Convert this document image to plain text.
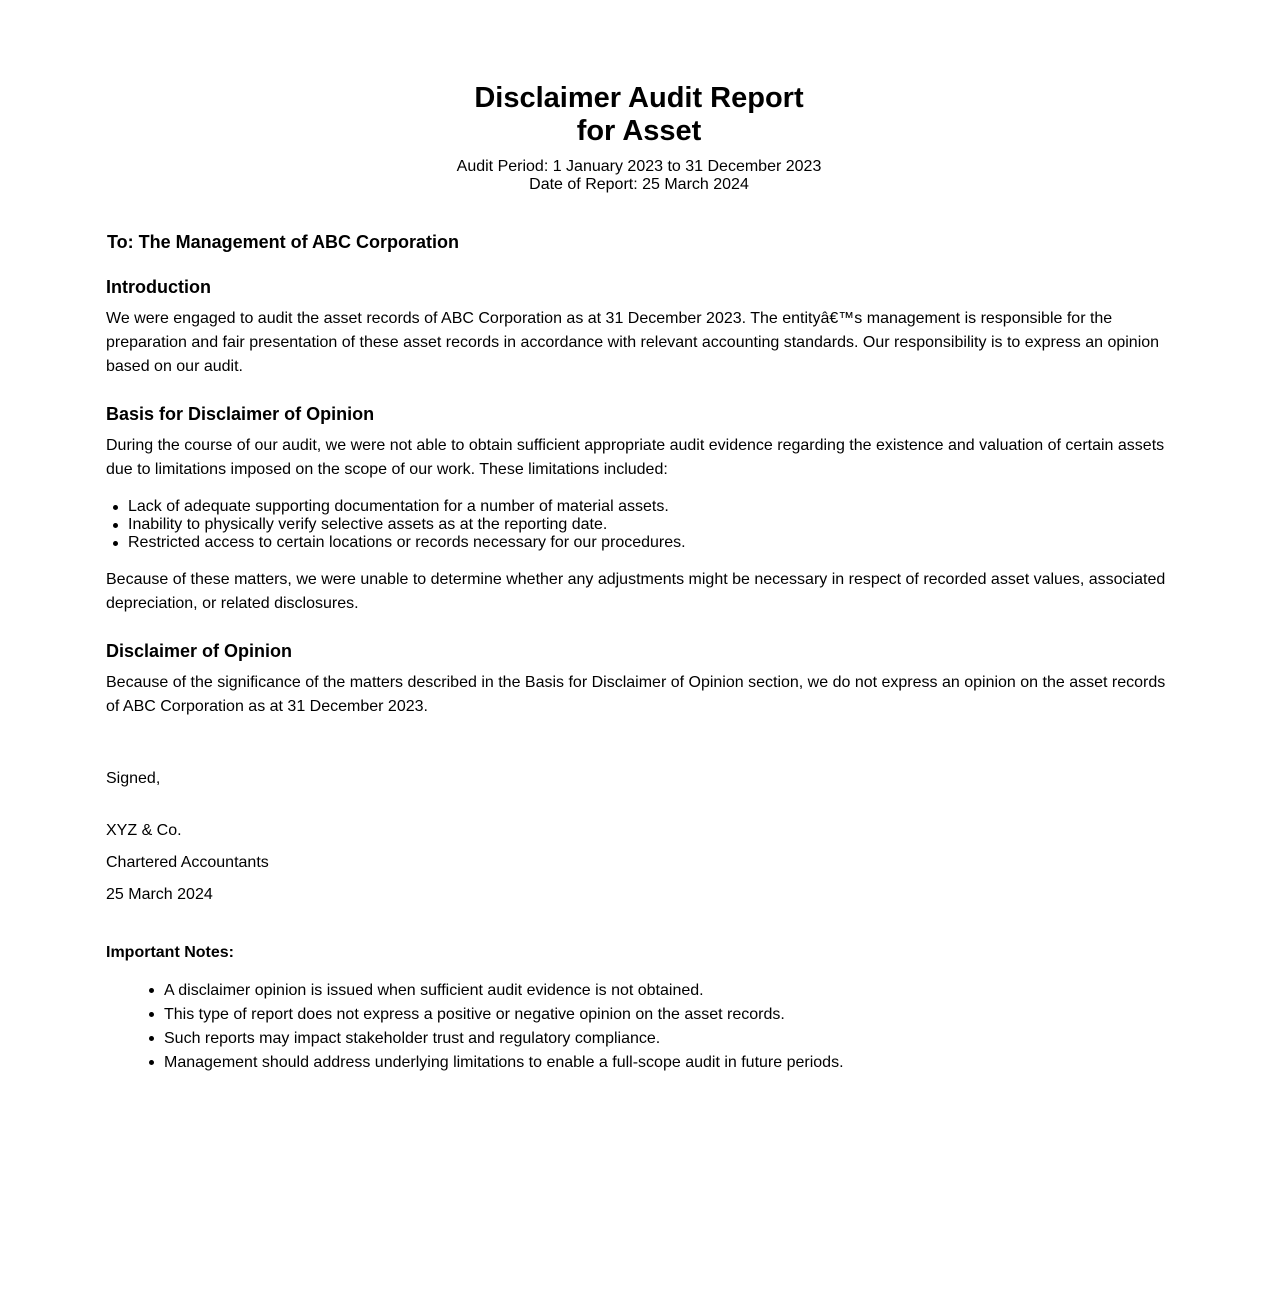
Disclaimer Audit Report
for Asset
Audit Period: 1 January 2023 to 31 December 2023
Date of Report: 25 March 2024
To: The Management of ABC Corporation
Introduction

We were engaged to audit the asset records of ABC Corporation as at 31 December 2023. The entityâ€™s management is responsible for the preparation and fair presentation of these asset records in accordance with relevant accounting standards. Our responsibility is to express an opinion based on our audit.

Basis for Disclaimer of Opinion

During the course of our audit, we were not able to obtain sufficient appropriate audit evidence regarding the existence and valuation of certain assets due to limitations imposed on the scope of our work. These limitations included:

Lack of adequate supporting documentation for a number of material assets.
Inability to physically verify selective assets as at the reporting date.
Restricted access to certain locations or records necessary for our procedures.

Because of these matters, we were unable to determine whether any adjustments might be necessary in respect of recorded asset values, associated depreciation, or related disclosures.

Disclaimer of Opinion

Because of the significance of the matters described in the Basis for Disclaimer of Opinion section, we do not express an opinion on the asset records of ABC Corporation as at 31 December 2023.

Signed,
XYZ & Co.
Chartered Accountants
25 March 2024
Important Notes:
A disclaimer opinion is issued when sufficient audit evidence is not obtained.
This type of report does not express a positive or negative opinion on the asset records.
Such reports may impact stakeholder trust and regulatory compliance.
Management should address underlying limitations to enable a full-scope audit in future periods.
